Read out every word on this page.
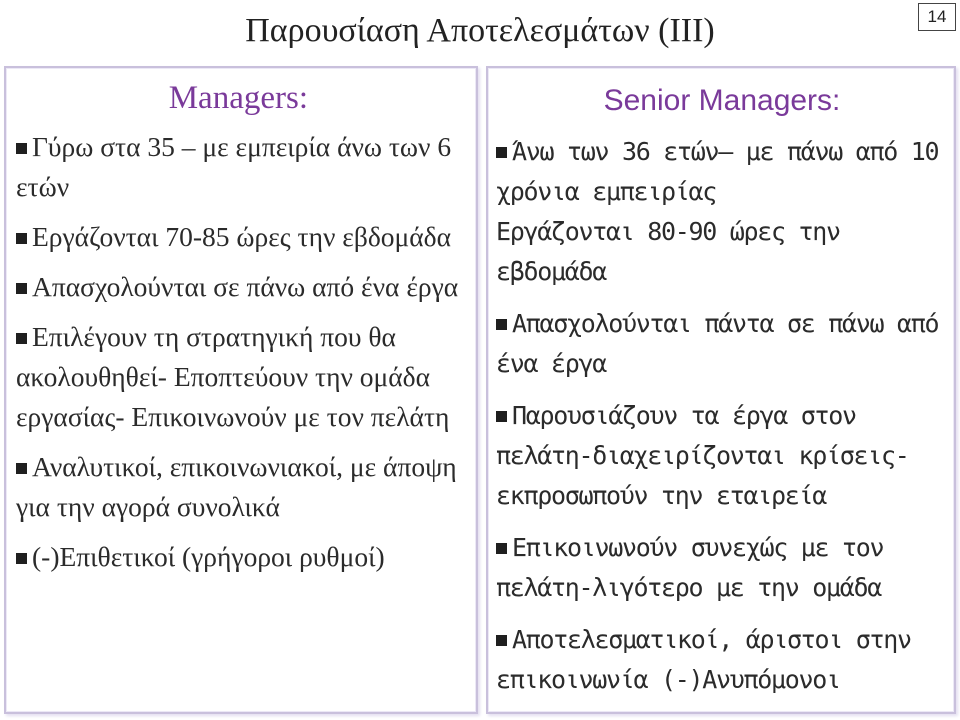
Παρουσίαση Αποτελεσμάτων (ΙΙΙ)	14
Managers:
Γύρω στα 35 – με εμπειρία άνω των 6 ετών
Εργάζονται 70-85 ώρες την εβδομάδα
Απασχολούνται σε πάνω από ένα έργα
Επιλέγουν τη στρατηγική που θα ακολουθηθεί- Εποπτεύουν την ομάδα εργασίας- Επικοινωνούν με τον πελάτη
Αναλυτικοί, επικοινωνιακοί, με άποψη για την αγορά συνολικά
(-)Επιθετικοί (γρήγοροι ρυθμοί)
Senior Managers:
Άνω των 36 ετών– με πάνω από 10 χρόνια εμπειρίας
Εργάζονται 80-90 ώρες την εβδομάδα
Απασχολούνται πάντα σε πάνω από ένα έργα
Παρουσιάζουν τα έργα στον πελάτη-διαχειρίζονται κρίσεις-εκπροσωπούν την εταιρεία
Επικοινωνούν συνεχώς με τον πελάτη-λιγότερο με την ομάδα
Αποτελεσματικοί, άριστοι στην επικοινωνία (-)Ανυπόμονοι
